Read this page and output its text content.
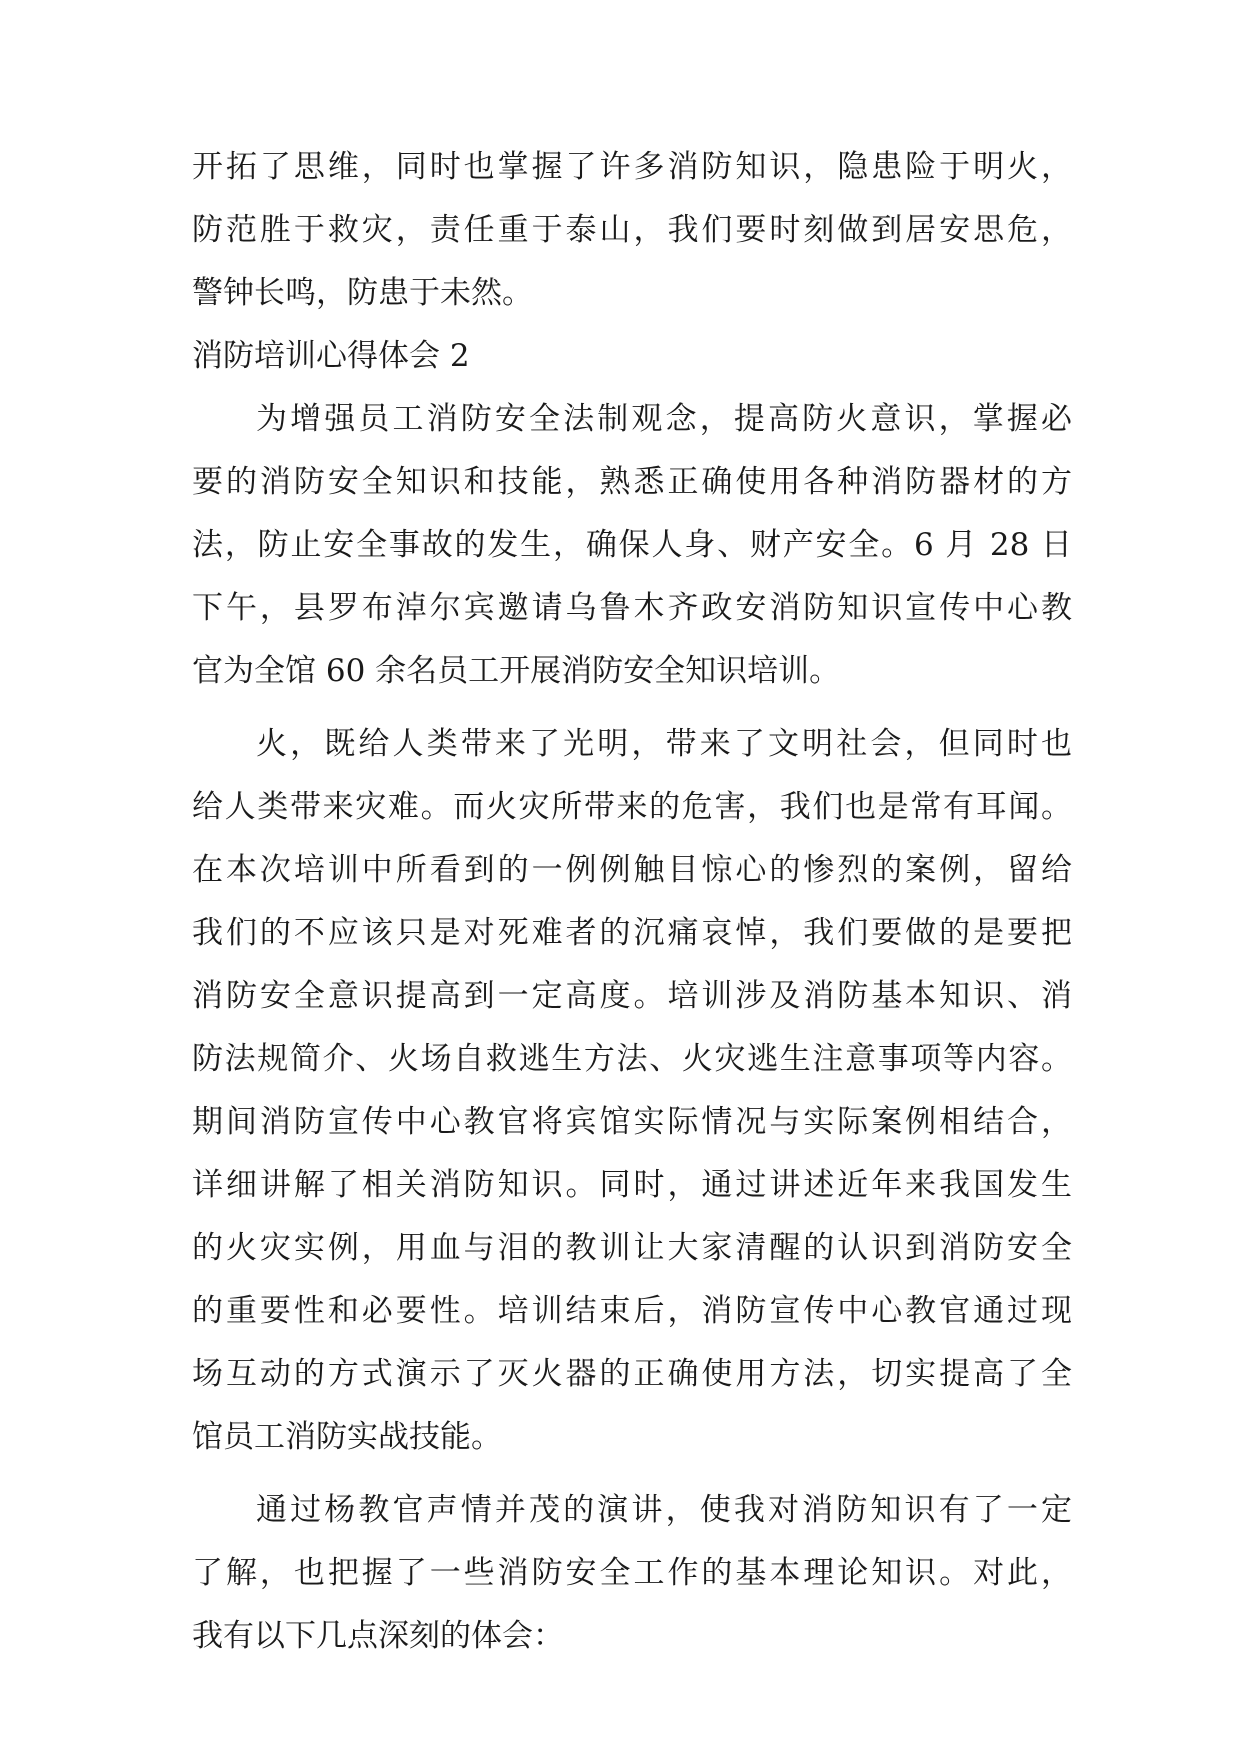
开拓了思维，同时也掌握了许多消防知识，隐患险于明火，
防范胜于救灾，责任重于泰山，我们要时刻做到居安思危，
警钟长鸣，防患于未然。
消防培训心得体会 2
为增强员工消防安全法制观念，提高防火意识，掌握必
要的消防安全知识和技能，熟悉正确使用各种消防器材的方
法，防止安全事故的发生，确保人身、财产安全。6 月 28 日
下午，县罗布淖尔宾邀请乌鲁木齐政安消防知识宣传中心教
官为全馆 60 余名员工开展消防安全知识培训。
火，既给人类带来了光明，带来了文明社会，但同时也
给人类带来灾难。而火灾所带来的危害，我们也是常有耳闻。
在本次培训中所看到的一例例触目惊心的惨烈的案例，留给
我们的不应该只是对死难者的沉痛哀悼，我们要做的是要把
消防安全意识提高到一定高度。培训涉及消防基本知识、消
防法规简介、火场自救逃生方法、火灾逃生注意事项等内容。
期间消防宣传中心教官将宾馆实际情况与实际案例相结合，
详细讲解了相关消防知识。同时，通过讲述近年来我国发生
的火灾实例，用血与泪的教训让大家清醒的认识到消防安全
的重要性和必要性。培训结束后，消防宣传中心教官通过现
场互动的方式演示了灭火器的正确使用方法，切实提高了全
馆员工消防实战技能。
通过杨教官声情并茂的演讲，使我对消防知识有了一定
了解，也把握了一些消防安全工作的基本理论知识。对此，
我有以下几点深刻的体会：
